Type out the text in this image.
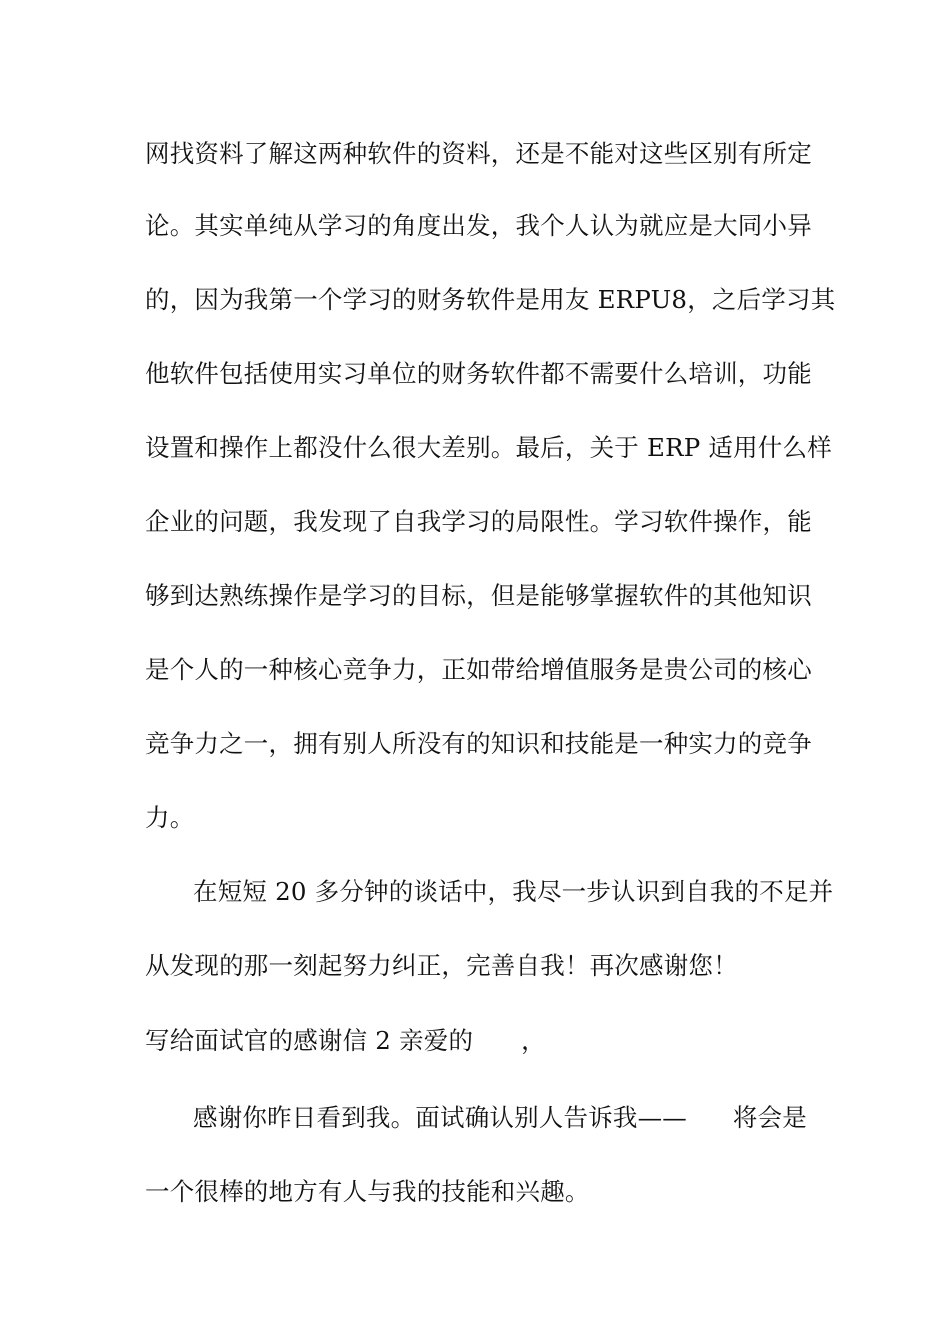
网找资料了解这两种软件的资料，还是不能对这些区别有所定
论。其实单纯从学习的角度出发，我个人认为就应是大同小异
的，因为我第一个学习的财务软件是用友 ERPU8，之后学习其
他软件包括使用实习单位的财务软件都不需要什么培训，功能
设置和操作上都没什么很大差别。最后，关于 ERP 适用什么样
企业的问题，我发现了自我学习的局限性。学习软件操作，能
够到达熟练操作是学习的目标，但是能够掌握软件的其他知识
是个人的一种核心竞争力，正如带给增值服务是贵公司的核心
竞争力之一，拥有别人所没有的知识和技能是一种实力的竞争
力。
在短短 20 多分钟的谈话中，我尽一步认识到自我的不足并
从发现的那一刻起努力纠正，完善自我！再次感谢您！
写给面试官的感谢信 2 亲爱的 ，
感谢你昨日看到我。面试确认别人告诉我—— 将会是
一个很棒的地方有人与我的技能和兴趣。
